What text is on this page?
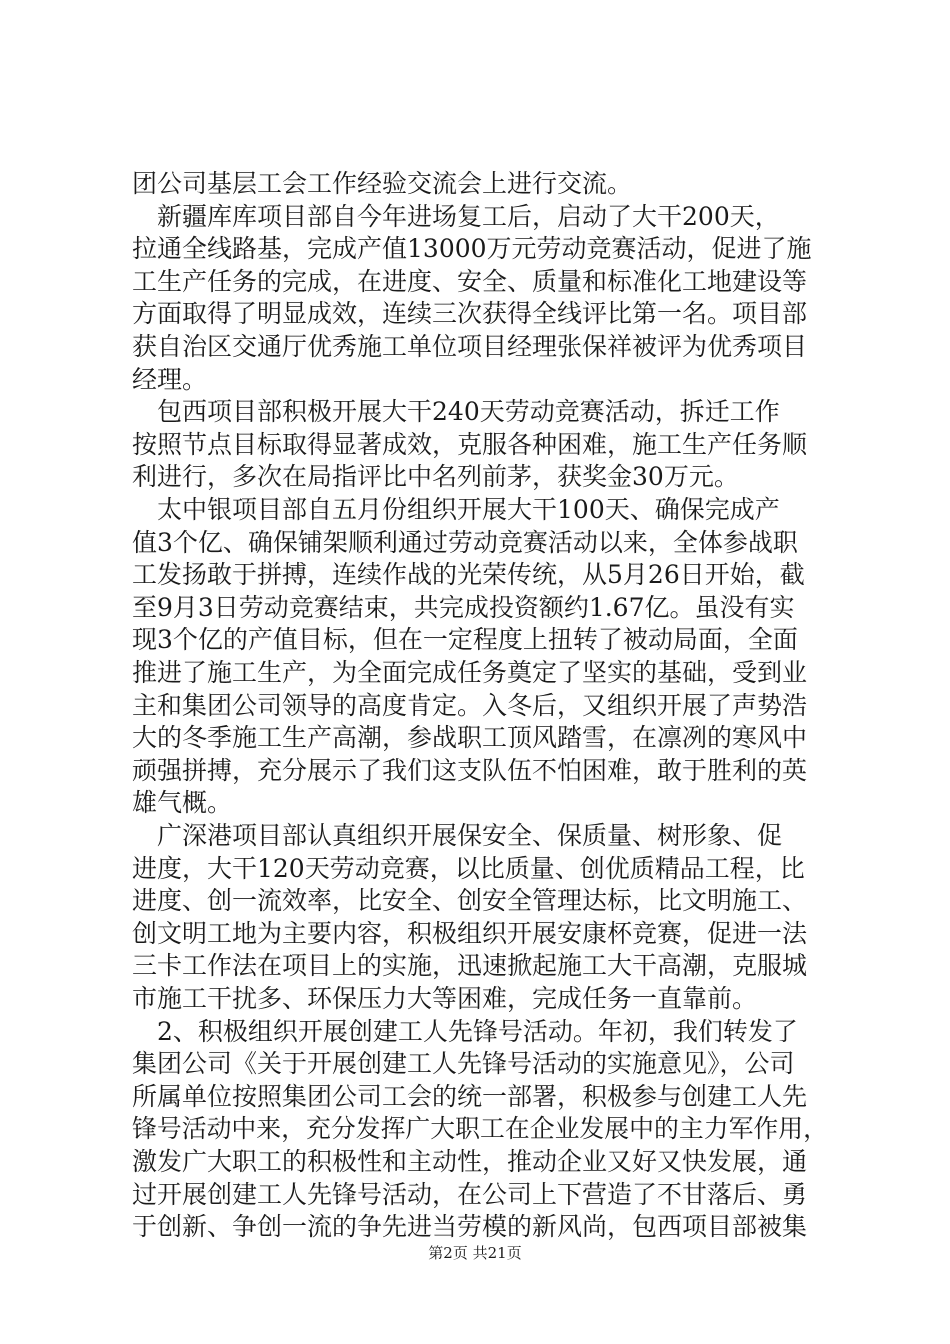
团公司基层工会工作经验交流会上进行交流。
　新疆库库项目部自今年进场复工后，启动了大干200天，
拉通全线路基，完成产值13000万元劳动竞赛活动，促进了施
工生产任务的完成，在进度、安全、质量和标准化工地建设等
方面取得了明显成效，连续三次获得全线评比第一名。项目部
获自治区交通厅优秀施工单位项目经理张保祥被评为优秀项目
经理。
　包西项目部积极开展大干240天劳动竞赛活动，拆迁工作
按照节点目标取得显著成效，克服各种困难，施工生产任务顺
利进行，多次在局指评比中名列前茅，获奖金30万元。
　太中银项目部自五月份组织开展大干100天、确保完成产
值3个亿、确保铺架顺利通过劳动竞赛活动以来，全体参战职
工发扬敢于拼搏，连续作战的光荣传统，从5月26日开始，截
至9月3日劳动竞赛结束，共完成投资额约1.67亿。虽没有实
现3个亿的产值目标，但在一定程度上扭转了被动局面，全面
推进了施工生产，为全面完成任务奠定了坚实的基础，受到业
主和集团公司领导的高度肯定。入冬后，又组织开展了声势浩
大的冬季施工生产高潮，参战职工顶风踏雪，在凛冽的寒风中
顽强拼搏，充分展示了我们这支队伍不怕困难，敢于胜利的英
雄气概。
　广深港项目部认真组织开展保安全、保质量、树形象、促
进度，大干120天劳动竞赛，以比质量、创优质精品工程，比
进度、创一流效率，比安全、创安全管理达标，比文明施工、
创文明工地为主要内容，积极组织开展安康杯竞赛，促进一法
三卡工作法在项目上的实施，迅速掀起施工大干高潮，克服城
市施工干扰多、环保压力大等困难，完成任务一直靠前。
　2、积极组织开展创建工人先锋号活动。年初，我们转发了
集团公司《关于开展创建工人先锋号活动的实施意见》，公司
所属单位按照集团公司工会的统一部署，积极参与创建工人先
锋号活动中来，充分发挥广大职工在企业发展中的主力军作用，
激发广大职工的积极性和主动性，推动企业又好又快发展，通
过开展创建工人先锋号活动，在公司上下营造了不甘落后、勇
于创新、争创一流的争先进当劳模的新风尚，包西项目部被集
第2页 共21页
